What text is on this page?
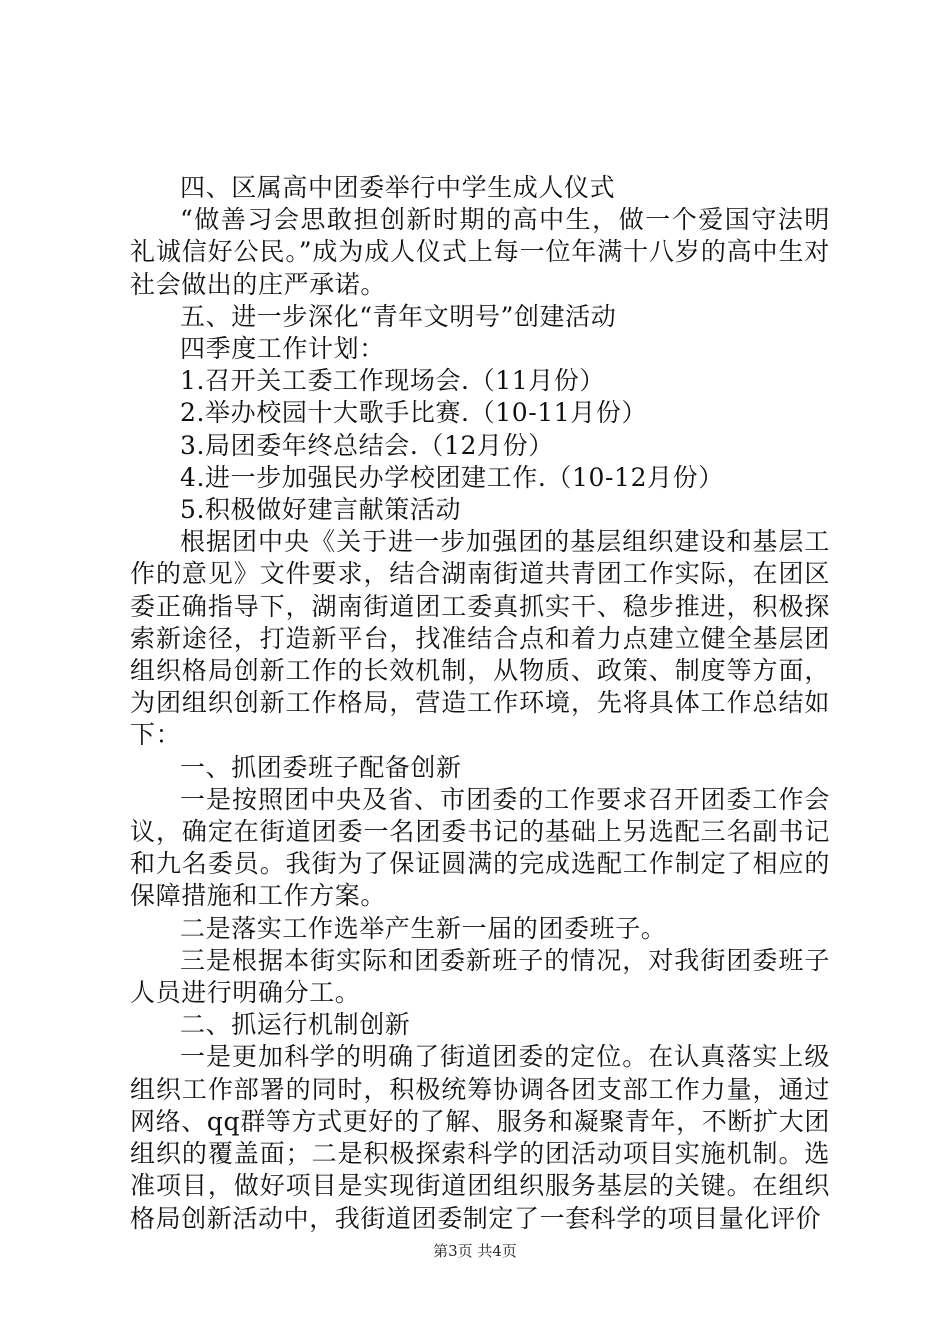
四、区属高中团委举行中学生成人仪式

“做善习会思敢担创新时期的高中生，做一个爱国守法明礼诚信好公民。”成为成人仪式上每一位年满十八岁的高中生对社会做出的庄严承诺。

五、进一步深化“青年文明号”创建活动

四季度工作计划：

1.召开关工委工作现场会.（11月份）

2.举办校园十大歌手比赛.（10-11月份）

3.局团委年终总结会.（12月份）

4.进一步加强民办学校团建工作.（10-12月份）

5.积极做好建言献策活动

根据团中央《关于进一步加强团的基层组织建设和基层工作的意见》文件要求，结合湖南街道共青团工作实际，在团区委正确指导下，湖南街道团工委真抓实干、稳步推进，积极探索新途径，打造新平台，找准结合点和着力点建立健全基层团组织格局创新工作的长效机制，从物质、政策、制度等方面，为团组织创新工作格局，营造工作环境，先将具体工作总结如下：

一、抓团委班子配备创新

一是按照团中央及省、市团委的工作要求召开团委工作会议，确定在街道团委一名团委书记的基础上另选配三名副书记和九名委员。我街为了保证圆满的完成选配工作制定了相应的保障措施和工作方案。

二是落实工作选举产生新一届的团委班子。

三是根据本街实际和团委新班子的情况，对我街团委班子人员进行明确分工。

二、抓运行机制创新

一是更加科学的明确了街道团委的定位。在认真落实上级组织工作部署的同时，积极统筹协调各团支部工作力量，通过网络、qq群等方式更好的了解、服务和凝聚青年，不断扩大团组织的覆盖面；二是积极探索科学的团活动项目实施机制。选准项目，做好项目是实现街道团组织服务基层的关键。在组织格局创新活动中，我街道团委制定了一套科学的项目量化评价

第3页 共4页
